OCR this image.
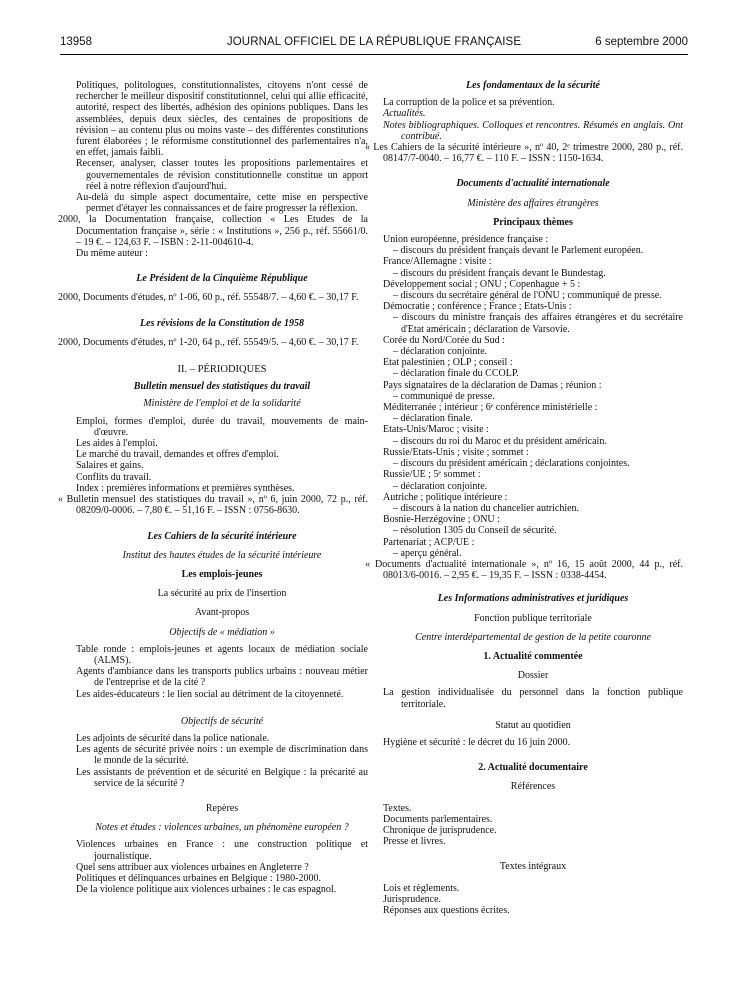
13958	JOURNAL OFFICIEL DE LA RÉPUBLIQUE FRANÇAISE	6 septembre 2000

Politiques, politologues, constitutionnalistes, citoyens n'ont cessé de rechercher le meilleur dispositif constitutionnel, celui qui allie efficacité, autorité, respect des libertés, adhésion des opinions publiques. Dans les assemblées, depuis deux siècles, des centaines de propositions de révision – au contenu plus ou moins vaste – des différentes constitutions furent élaborées ; le réformisme constitutionnel des parlementaires n'a, en effet, jamais faibli.

Recenser, analyser, classer toutes les propositions parlementaires et gouvernementales de révision constitutionnelle constitue un apport réel à notre réflexion d'aujourd'hui.

Au-delà du simple aspect documentaire, cette mise en perspective permet d'étayer les connaissances et de faire progresser la réflexion.

2000, la Documentation française, collection « Les Etudes de la Documentation française », série : « Institutions », 256 p., réf. 55661/0. – 19 €. – 124,63 F. – ISBN : 2-11-004610-4.

Du même auteur :

Le Président de la Cinquième République

2000, Documents d'études, nº 1-06, 60 p., réf. 55548/7. – 4,60 €. – 30,17 F.

Les révisions de la Constitution de 1958

2000, Documents d'études, nº 1-20, 64 p., réf. 55549/5. – 4,60 €. – 30,17 F.

II. – PÉRIODIQUES

Bulletin mensuel des statistiques du travail

Ministère de l'emploi et de la solidarité

Emploi, formes d'emploi, durée du travail, mouvements de main-d'œuvre.

Les aides à l'emploi.

Le marché du travail, demandes et offres d'emploi.

Salaires et gains.

Conflits du travail.

Index : premières informations et premières synthèses.

« Bulletin mensuel des statistiques du travail », nº 6, juin 2000, 72 p., réf. 08209/0-0006. – 7,80 €. – 51,16 F. – ISSN : 0756-8630.

Les Cahiers de la sécurité intérieure

Institut des hautes études de la sécurité intérieure

Les emplois-jeunes

La sécurité au prix de l'insertion

Avant-propos

Objectifs de « médiation »

Table ronde : emplois-jeunes et agents locaux de médiation sociale (ALMS).

Agents d'ambiance dans les transports publics urbains : nouveau métier de l'entreprise et de la cité ?

Les aides-éducateurs : le lien social au détriment de la citoyenneté.

Objectifs de sécurité

Les adjoints de sécurité dans la police nationale.

Les agents de sécurité privée noirs : un exemple de discrimination dans le monde de la sécurité.

Les assistants de prévention et de sécurité en Belgique : la précarité au service de la sécurité ?

Repères

Notes et études : violences urbaines, un phénomène européen ?

Violences urbaines en France : une construction politique et journalistique.

Quel sens attribuer aux violences urbaines en Angleterre ?

Politiques et délinquances urbaines en Belgique : 1980-2000.

De la violence politique aux violences urbaines : le cas espagnol.

Les fondamentaux de la sécurité

La corruption de la police et sa prévention.

Actualités.

Notes bibliographiques. Colloques et rencontres. Résumés en anglais. Ont contribué.

« Les Cahiers de la sécurité intérieure », nº 40, 2ᵉ trimestre 2000, 280 p., réf. 08147/7-0040. – 16,77 €. – 110 F. – ISSN : 1150-1634.

Documents d'actualité internationale

Ministère des affaires étrangères

Principaux thèmes

Union européenne, présidence française :

– discours du président français devant le Parlement européen.

France/Allemagne : visite :

– discours du président français devant le Bundestag.

Développement social ; ONU ; Copenhague + 5 :

– discours du secrétaire général de l'ONU ; communiqué de presse.

Démocratie ; conférence ; France ; Etats-Unis :

– discours du ministre français des affaires étrangères et du secrétaire d'Etat américain ; déclaration de Varsovie.

Corée du Nord/Corée du Sud :

– déclaration conjointe.

Etat palestinien ; OLP ; conseil :

– déclaration finale du CCOLP.

Pays signataires de la déclaration de Damas ; réunion :

– communiqué de presse.

Méditerranée ; intérieur ; 6ᵉ conférence ministérielle :

– déclaration finale.

Etats-Unis/Maroc ; visite :

– discours du roi du Maroc et du président américain.

Russie/Etats-Unis ; visite ; sommet :

– discours du président américain ; déclarations conjointes.

Russie/UE ; 5ᵉ sommet :

– déclaration conjointe.

Autriche ; politique intérieure :

– discours à la nation du chancelier autrichien.

Bosnie-Herzégovine ; ONU :

– résolution 1305 du Conseil de sécurité.

Partenariat ; ACP/UE :

– aperçu général.

« Documents d'actualité internationale », nº 16, 15 août 2000, 44 p., réf. 08013/6-0016. – 2,95 €. – 19,35 F. – ISSN : 0338-4454.

Les Informations administratives et juridiques

Fonction publique territoriale

Centre interdépartemental de gestion de la petite couronne

1. Actualité commentée

Dossier

La gestion individualisée du personnel dans la fonction publique territoriale.

Statut au quotidien

Hygiène et sécurité : le décret du 16 juin 2000.

2. Actualité documentaire

Références

Textes.

Documents parlementaires.

Chronique de jurisprudence.

Presse et livres.

Textes intégraux

Lois et règlements.

Jurisprudence.

Réponses aux questions écrites.
